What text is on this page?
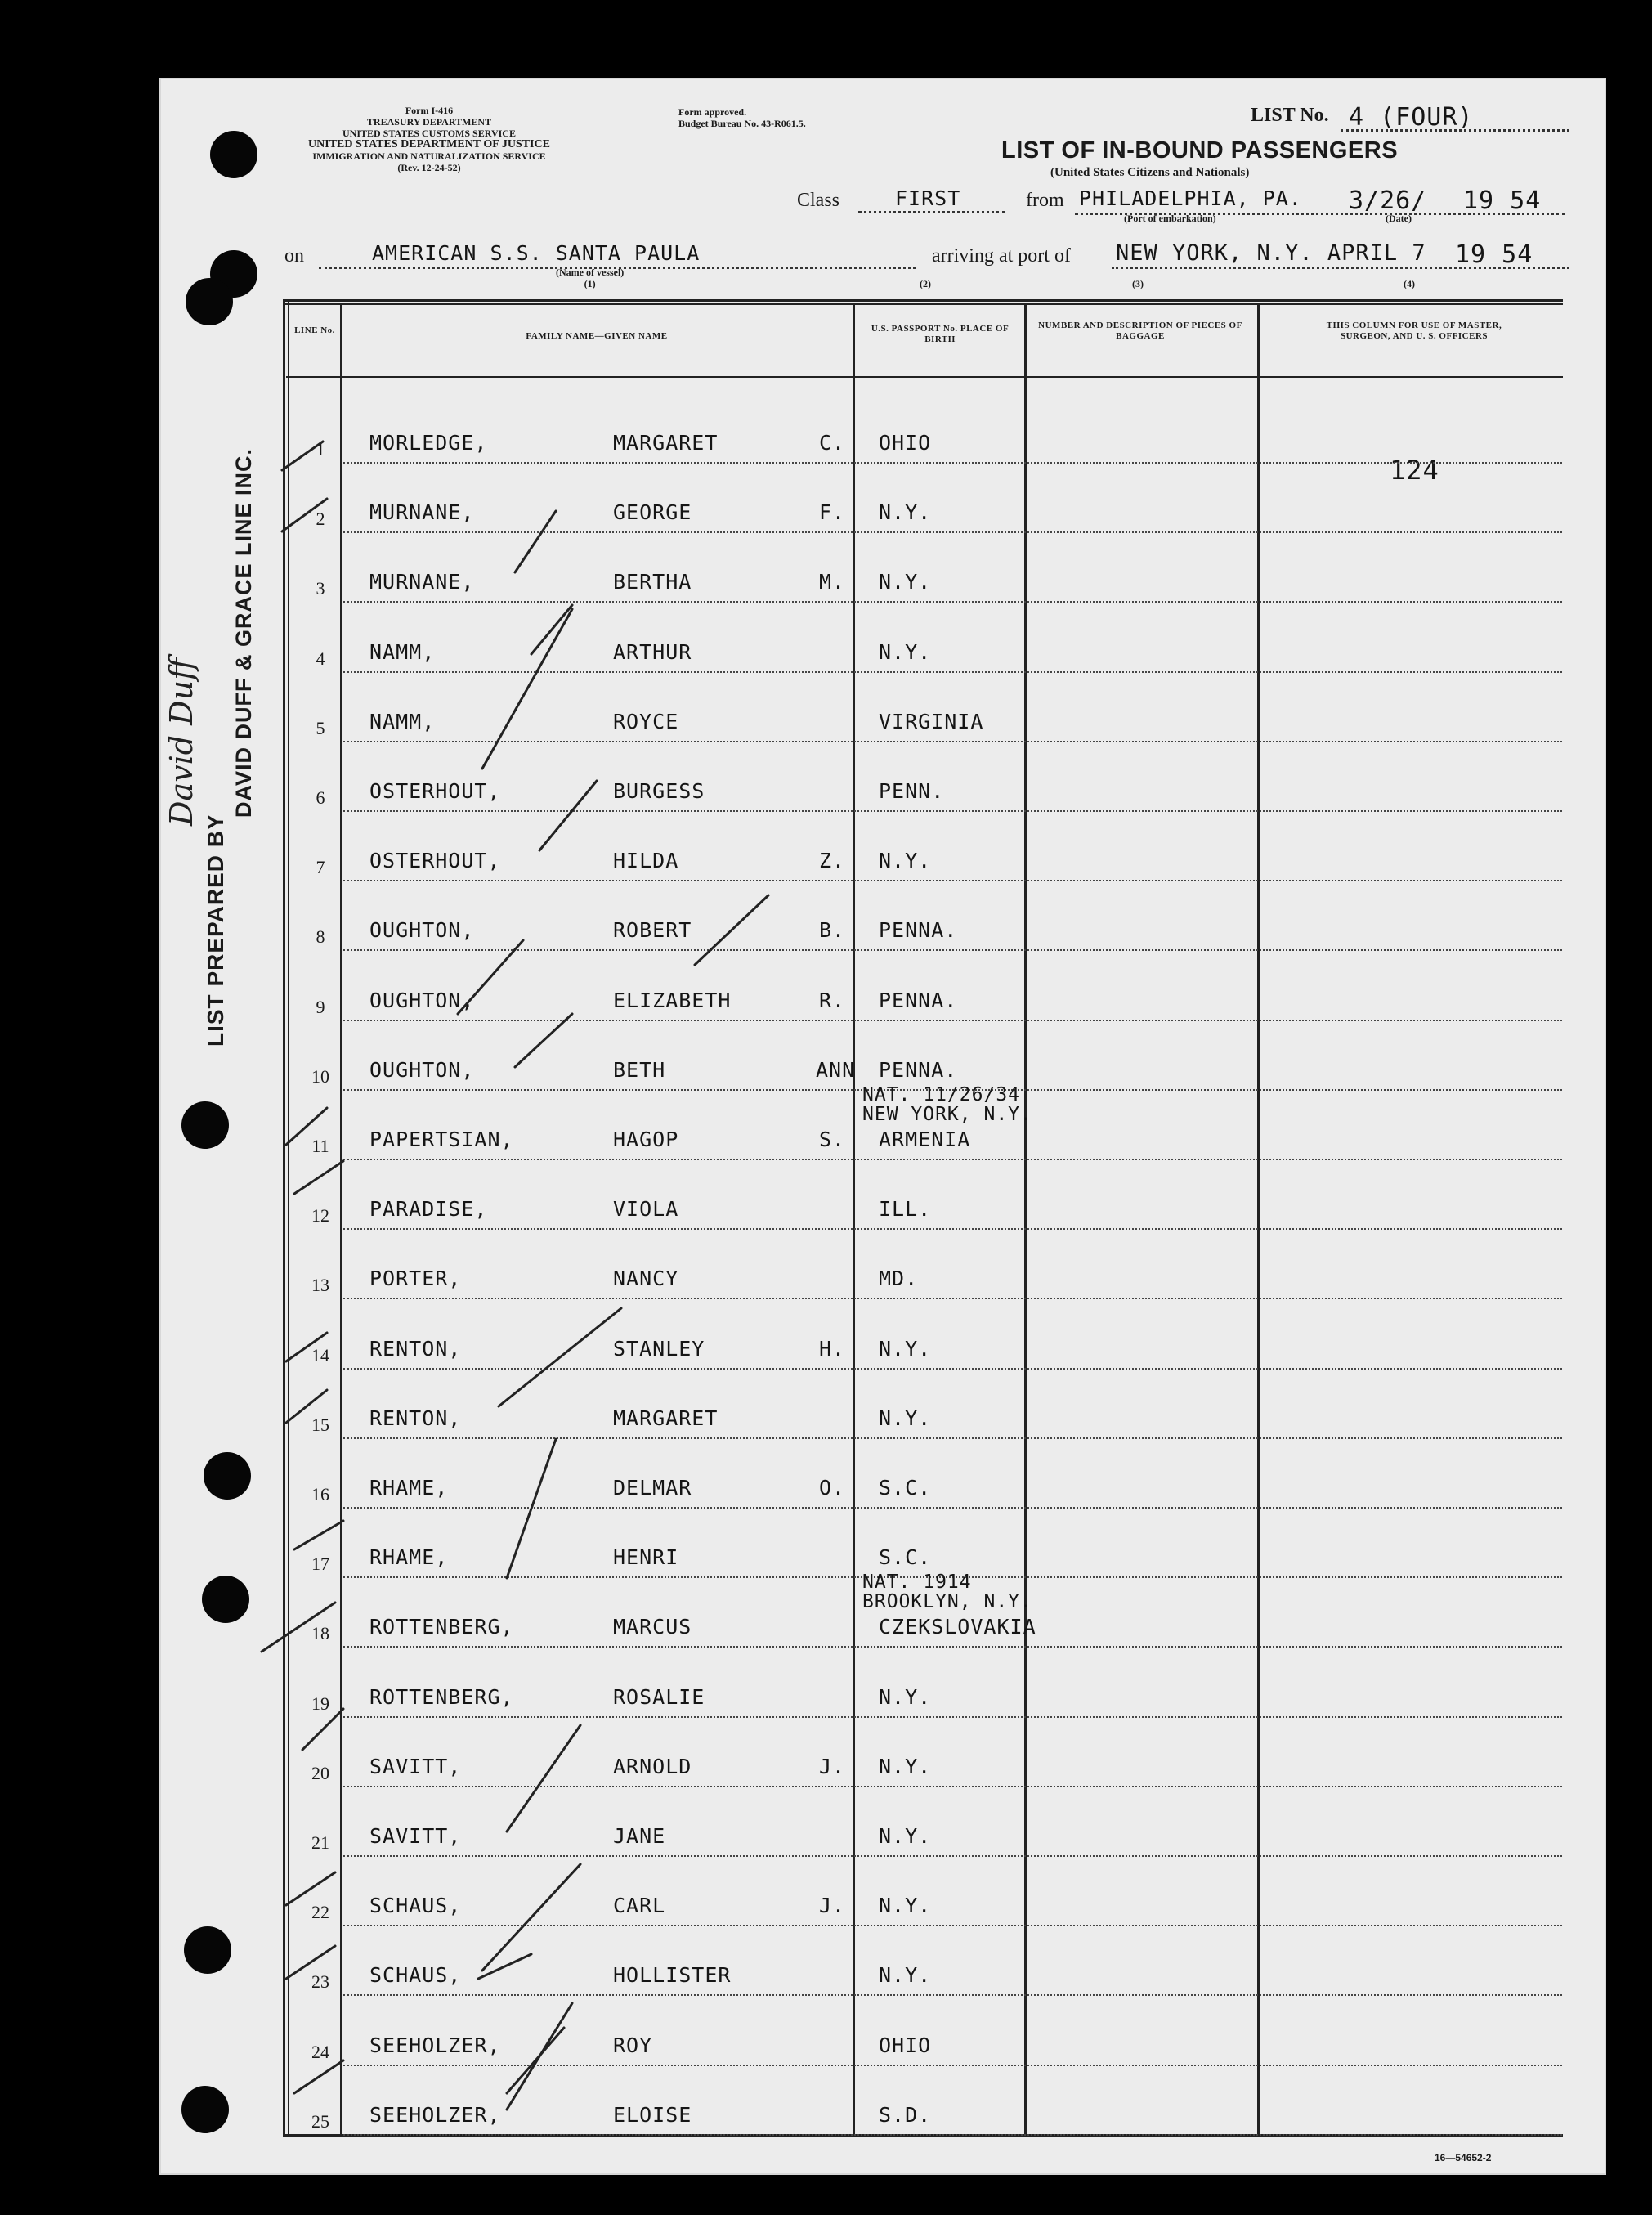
Form I-416
TREASURY DEPARTMENT
UNITED STATES CUSTOMS SERVICE
UNITED STATES DEPARTMENT OF JUSTICE
IMMIGRATION AND NATURALIZATION SERVICE
(Rev. 12-24-52)
Form approved.
Budget Bureau No. 43-R061.5.	LIST No. 4 (FOUR)
LIST OF IN-BOUND PASSENGERS
(United States Citizens and Nationals)
Class	FIRST	from PHILADELPHIA, PA.
(Port of embarkation)
3/26/ 19 54
(Date)
on	AMERICAN S.S. SANTA PAULA
(Name of vessel)
(1)
arriving at port of NEW YORK, N.Y. APRIL 7 19 54
(2)	(3)	(4)
LINE No.
FAMILY NAME—GIVEN NAME
U.S. PASSPORT No. PLACE OF BIRTH
NUMBER AND DESCRIPTION OF PIECES OF BAGGAGE
THIS COLUMN FOR USE OF MASTER, SURGEON, AND U. S. OFFICERS
124
1	MORLEDGE,	MARGARET	C. OHIO
2	MURNANE,	GEORGE	F. N.Y.
3	MURNANE,	BERTHA	M. N.Y.
4	NAMM,	ARTHUR	N.Y.
5	NAMM,	ROYCE	VIRGINIA
6	OSTERHOUT,	BURGESS	PENN.
7	OSTERHOUT,	HILDA	Z. N.Y.
8	OUGHTON,	ROBERT	B. PENNA.
9	OUGHTON,	ELIZABETH	R. PENNA.
10	OUGHTON,	BETH	ANN PENNA.
11	PAPERTSIAN,	HAGOP	S. ARMENIA
NAT. 11/26/34
NEW YORK, N.Y.
12	PARADISE,	VIOLA	ILL.
13	PORTER,	NANCY	MD.
14	RENTON,	STANLEY	H. N.Y.
15	RENTON,	MARGARET	N.Y.
16	RHAME,	DELMAR	O. S.C.
17	RHAME,	HENRI	S.C.
18	ROTTENBERG,	MARCUS	CZEKSLOVAKIA
NAT. 1914
BROOKLYN, N.Y.
19	ROTTENBERG,	ROSALIE	N.Y.
20	SAVITT,	ARNOLD	J. N.Y.
21	SAVITT,	JANE	N.Y.
22	SCHAUS,	CARL	J. N.Y.
23	SCHAUS,	HOLLISTER	N.Y.
24	SEEHOLZER,	ROY	OHIO
25	SEEHOLZER,	ELOISE	S.D.
LIST PREPARED BY
DAVID DUFF & GRACE LINE INC.
David Duff
16—54652-2
